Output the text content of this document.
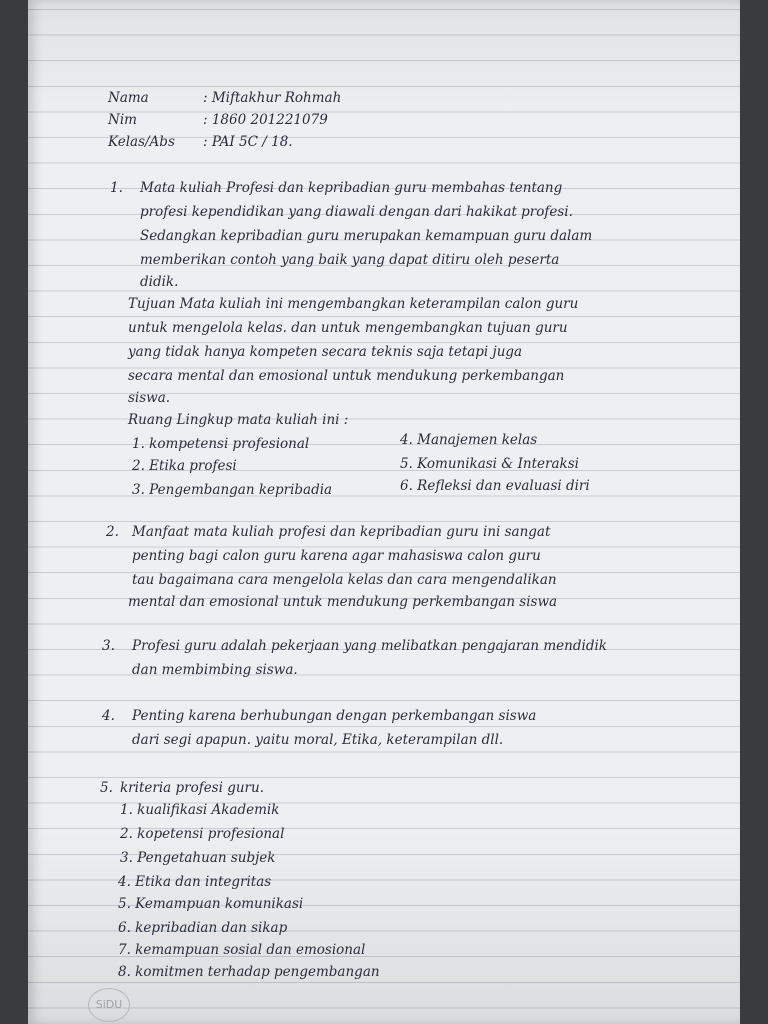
Nama	: Miftakhur Rohmah

Nim	: 1860 201221079

Kelas/Abs : PAI 5C / 18.

1. Mata kuliah Profesi dan kepribadian guru membahas tentang

profesi kependidikan yang diawali dengan dari hakikat profesi.

Sedangkan kepribadian guru merupakan kemampuan guru dalam

memberikan contoh yang baik yang dapat ditiru oleh peserta

didik.

Tujuan Mata kuliah ini mengembangkan keterampilan calon guru

untuk mengelola kelas. dan untuk mengembangkan tujuan guru

yang tidak hanya kompeten secara teknis saja tetapi juga

secara mental dan emosional untuk mendukung perkembangan

siswa.

Ruang Lingkup mata kuliah ini :

1. kompetensi profesional

2. Etika profesi

3. Pengembangan kepribadia

4. Manajemen kelas

5. Komunikasi & Interaksi

6. Refleksi dan evaluasi diri

2. Manfaat mata kuliah profesi dan kepribadian guru ini sangat

penting bagi calon guru karena agar mahasiswa calon guru

tau bagaimana cara mengelola kelas dan cara mengendalikan

mental dan emosional untuk mendukung perkembangan siswa

3. Profesi guru adalah pekerjaan yang melibatkan pengajaran mendidik

dan membimbing siswa.

4. Penting karena berhubungan dengan perkembangan siswa

dari segi apapun. yaitu moral, Etika, keterampilan dll.

5. kriteria profesi guru.

1. kualifikasi Akademik

2. kopetensi profesional

3. Pengetahuan subjek

4. Etika dan integritas

5. Kemampuan komunikasi

6. kepribadian dan sikap

7. kemampuan sosial dan emosional

8. komitmen terhadap pengembangan

SiDU
